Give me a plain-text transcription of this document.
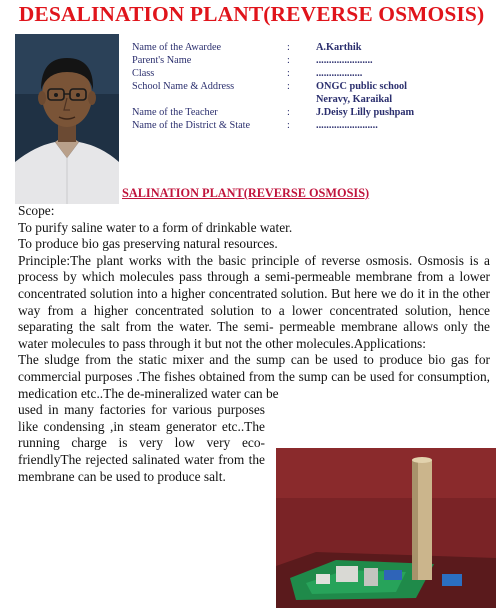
DESALINATION PLANT(REVERSE OSMOSIS)
Name of the Awardee	:	A.Karthik
Parent's Name	:	......................
Class	:	..................
School Name & Address	:	ONGC public school
Neravy, Karaikal
Name of the Teacher	:	J.Deisy Lilly pushpam
Name of the District & State	:	........................
SALINATION PLANT(REVERSE OSMOSIS)

Scope:

To purify saline water to a form of drinkable water.

To produce bio gas preserving natural resources.

Principle:The plant works with the basic principle of reverse osmosis. Osmosis is a process by which molecules pass through a semi-permeable membrane from a lower concentrated solution into a higher concentrated solution. But here we do it in the other way from a higher concentrated solution to a lower concentrated solution, hence separating the salt from the water. The semi- permeable membrane allows only the water molecules to pass through it but not the other molecules.Applications:

The sludge from the static mixer and the sump can be used to produce bio gas for commercial purposes .The fishes obtained from the sump can be used for consumption, medication etc..The de-mineralized water can be

used in many factories for various purposes like condensing ,in steam generator etc..The running charge is very low very eco-friendlyThe rejected salinated water from the membrane can be used to produce salt.
